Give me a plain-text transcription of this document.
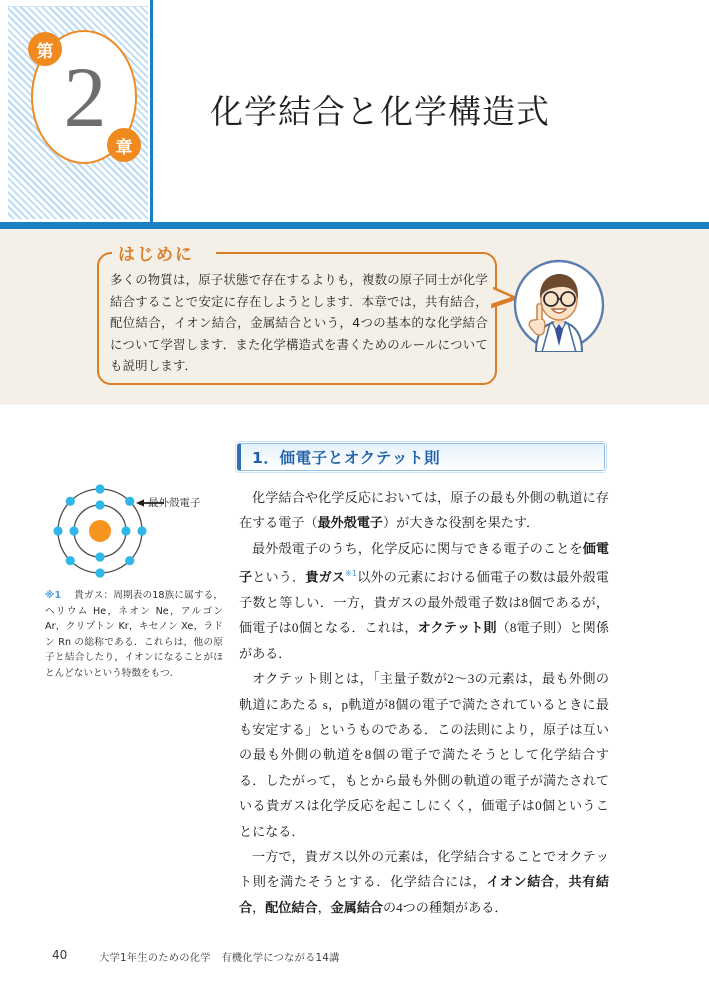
2
第
章
化学結合と化学構造式
はじめに
多くの物質は，原子状態で存在するよりも，複数の原子同士が化学結合することで安定に存在しようとします．本章では，共有結合，配位結合，イオン結合，金属結合という，4つの基本的な化学結合について学習します．また化学構造式を書くためのルールについても説明します．
1．価電子とオクテット則
最外殻電子
※1　 貴ガス：周期表の18族に属する，ヘリウム He，ネオン Ne，アルゴン Ar，クリプトン Kr，キセノン Xe，ラドン Rn の総称である．これらは，他の原子と結合したり，イオンになることがほとんどないという特徴をもつ.

化学結合や化学反応においては，原子の最も外側の軌道に存在する電子（最外殻電子）が大きな役割を果たす．

最外殻電子のうち，化学反応に関与できる電子のことを価電子という．貴ガス$^{※1}$以外の元素における価電子の数は最外殻電子数と等しい．一方，貴ガスの最外殻電子数は8個であるが，価電子は0個となる．これは，オクテット則（8電子則）と関係がある．

オクテット則とは，「主量子数が2〜3の元素は，最も外側の軌道にあたる s，p軌道が8個の電子で満たされているときに最も安定する」というものである．この法則により，原子は互いの最も外側の軌道を8個の電子で満たそうとして化学結合する．したがって，もとから最も外側の軌道の電子が満たされている貴ガスは化学反応を起こしにくく，価電子は0個ということになる．

一方で，貴ガス以外の元素は，化学結合することでオクテット則を満たそうとする．化学結合には，イオン結合，共有結合，配位結合，金属結合の4つの種類がある．

40	大学1年生のための化学　有機化学につながる14講
